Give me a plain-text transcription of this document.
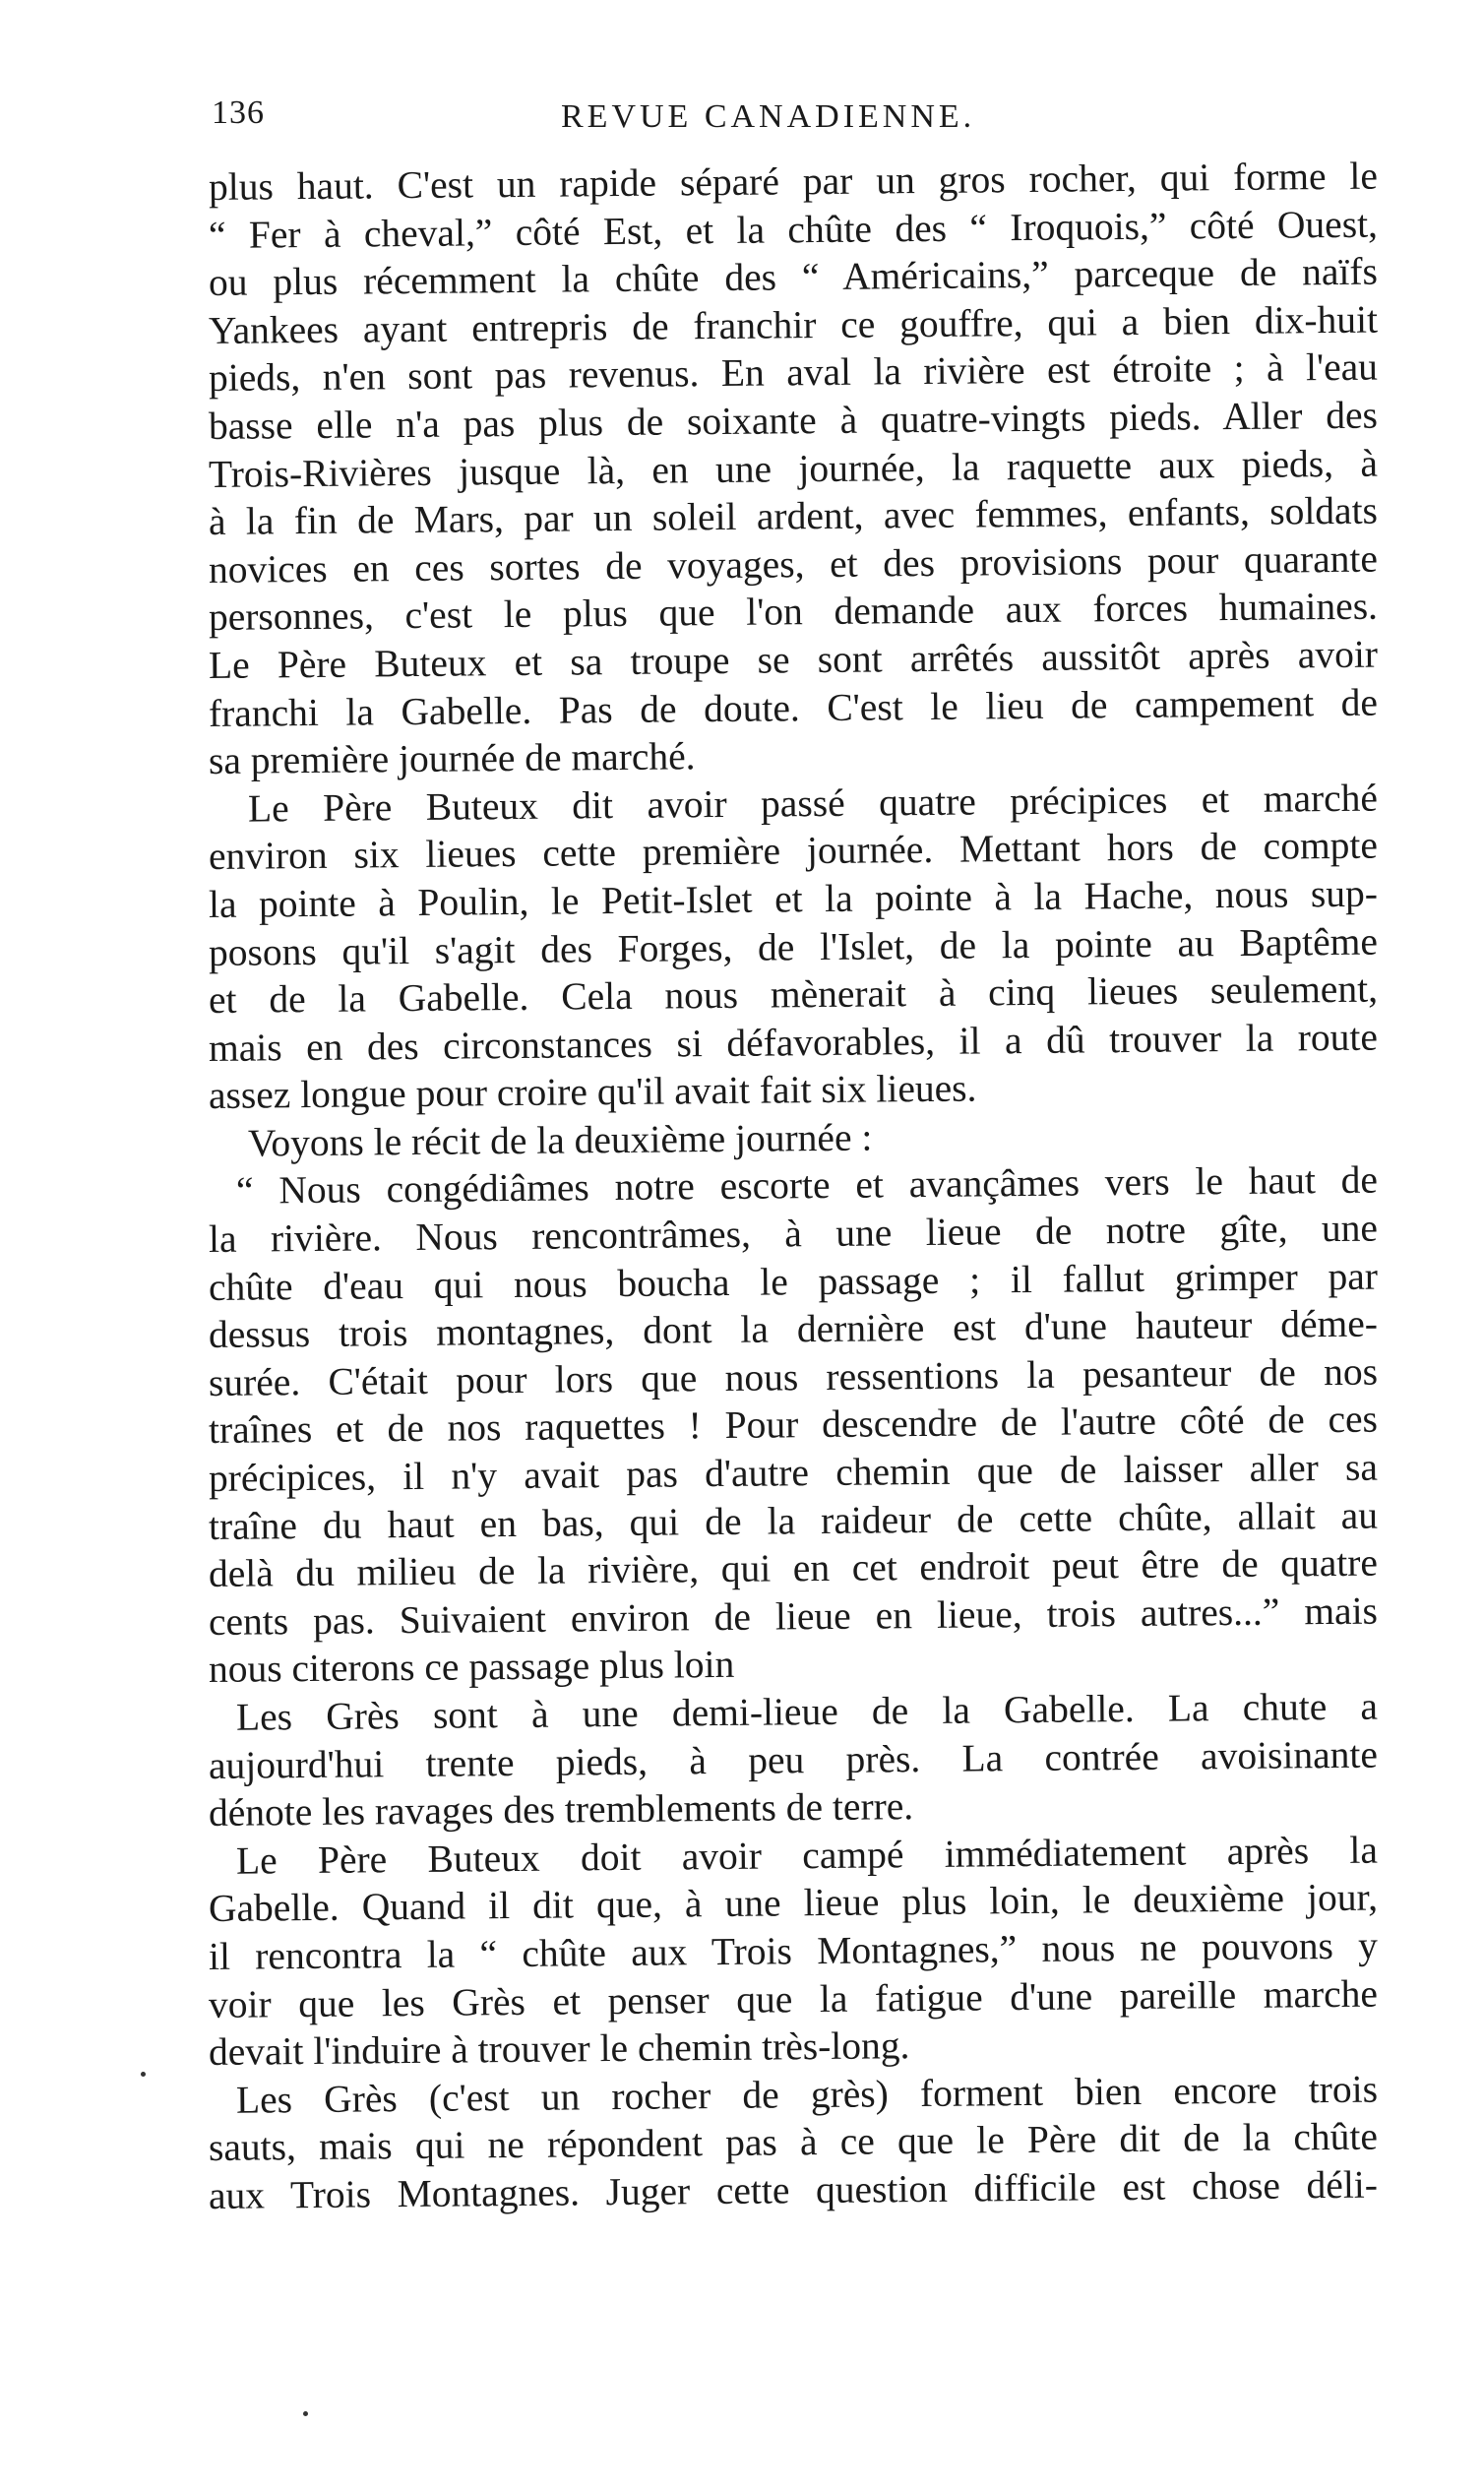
136	REVUE CANADIENNE.
plus haut. C'est un rapide séparé par un gros rocher, qui forme le
“ Fer à cheval,” côté Est, et la chûte des “ Iroquois,” côté Ouest,
ou plus récemment la chûte des “ Américains,” parceque de naïfs
Yankees ayant entrepris de franchir ce gouffre, qui a bien dix-huit
pieds, n'en sont pas revenus. En aval la rivière est étroite ; à l'eau
basse elle n'a pas plus de soixante à quatre-vingts pieds. Aller des
Trois-Rivières jusque là, en une journée, la raquette aux pieds, à
à la fin de Mars, par un soleil ardent, avec femmes, enfants, soldats
novices en ces sortes de voyages, et des provisions pour quarante
personnes, c'est le plus que l'on demande aux forces humaines.
Le Père Buteux et sa troupe se sont arrêtés aussitôt après avoir
franchi la Gabelle. Pas de doute. C'est le lieu de campement de
sa première journée de marché.
Le Père Buteux dit avoir passé quatre précipices et marché
environ six lieues cette première journée. Mettant hors de compte
la pointe à Poulin, le Petit-Islet et la pointe à la Hache, nous sup-
posons qu'il s'agit des Forges, de l'Islet, de la pointe au Baptême
et de la Gabelle. Cela nous mènerait à cinq lieues seulement,
mais en des circonstances si défavorables, il a dû trouver la route
assez longue pour croire qu'il avait fait six lieues.
Voyons le récit de la deuxième journée :
“ Nous congédiâmes notre escorte et avançâmes vers le haut de
la rivière. Nous rencontrâmes, à une lieue de notre gîte, une
chûte d'eau qui nous boucha le passage ; il fallut grimper par
dessus trois montagnes, dont la dernière est d'une hauteur déme-
surée. C'était pour lors que nous ressentions la pesanteur de nos
traînes et de nos raquettes ! Pour descendre de l'autre côté de ces
précipices, il n'y avait pas d'autre chemin que de laisser aller sa
traîne du haut en bas, qui de la raideur de cette chûte, allait au
delà du milieu de la rivière, qui en cet endroit peut être de quatre
cents pas. Suivaient environ de lieue en lieue, trois autres...” mais
nous citerons ce passage plus loin
Les Grès sont à une demi-lieue de la Gabelle. La chute a
aujourd'hui trente pieds, à peu près. La contrée avoisinante
dénote les ravages des tremblements de terre.
Le Père Buteux doit avoir campé immédiatement après la
Gabelle. Quand il dit que, à une lieue plus loin, le deuxième jour,
il rencontra la “ chûte aux Trois Montagnes,” nous ne pouvons y
voir que les Grès et penser que la fatigue d'une pareille marche
devait l'induire à trouver le chemin très-long.
Les Grès (c'est un rocher de grès) forment bien encore trois
sauts, mais qui ne répondent pas à ce que le Père dit de la chûte
aux Trois Montagnes. Juger cette question difficile est chose déli-
